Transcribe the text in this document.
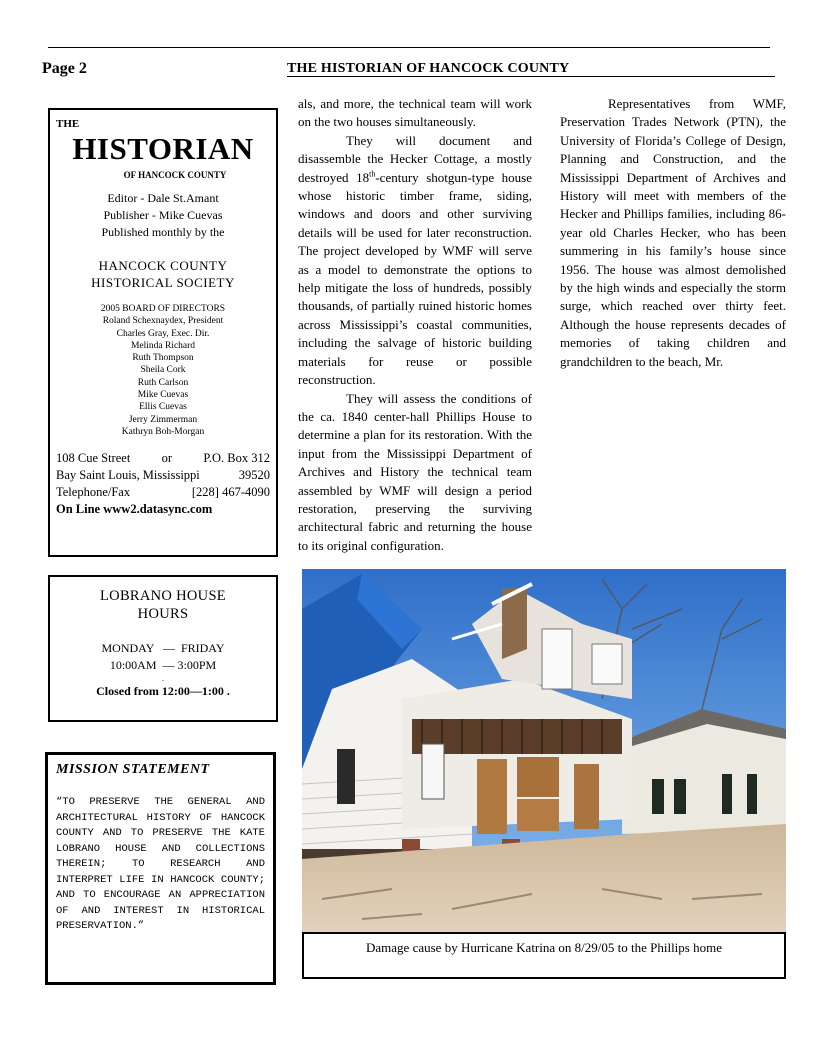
Page 2	THE HISTORIAN OF HANCOCK COUNTY
THE
HISTORIAN
OF HANCOCK COUNTY
Editor - Dale St.Amant
Publisher - Mike Cuevas
Published monthly by the
HANCOCK COUNTY
HISTORICAL SOCIETY
2005 BOARD OF DIRECTORS
Roland Schexnaydex, President
Charles Gray, Exec. Dir.
Melinda Richard
Ruth Thompson
Sheila Cork
Ruth Carlson
Mike Cuevas
Ellis Cuevas
Jerry Zimmerman
Kathryn Boh-Morgan
108 Cue Street	or	P.O. Box 312
Bay Saint Louis, Mississippi	39520
Telephone/Fax	[228] 467-4090
On Line www2.datasync.com
LOBRANO HOUSE
HOURS
MONDAY   —  FRIDAY
10:00AM  — 3:00PM
.
Closed from 12:00—1:00 .
MISSION STATEMENT
“TO PRESERVE THE GENERAL AND ARCHITECTURAL HISTORY OF HANCOCK COUNTY AND TO PRESERVE THE KATE LOBRANO HOUSE AND COLLECTIONS THEREIN; TO RESEARCH AND INTERPRET LIFE IN HANCOCK COUNTY; AND TO ENCOURAGE AN APPRECIATION OF AND INTEREST IN HISTORICAL PRESERVATION.”

als, and more, the technical team will work on the two houses simultaneously.

They will document and disassemble the Hecker Cottage, a mostly destroyed 18th-century shotgun-type house whose historic timber frame, siding, windows and doors and other surviving details will be used for later reconstruction. The project developed by WMF will serve as a model to demonstrate the options to help mitigate the loss of hundreds, possibly thousands, of partially ruined historic homes across Mississippi’s coastal communities, including the salvage of historic building materials for reuse or possible reconstruction.

They will assess the conditions of the ca. 1840 center-hall Phillips House to determine a plan for its restoration. With the input from the Mississippi Department of Archives and History the technical team assembled by WMF will design a period restoration, preserving the surviving architectural fabric and returning the house to its original configuration.

Representatives from WMF, Preservation Trades Network (PTN), the University of Florida’s College of Design, Planning and Construction, and the Mississippi Department of Archives and History will meet with members of the Hecker and Phillips families, including 86-year old Charles Hecker, who has been summering in his family’s house since 1956. The house was almost demolished by the high winds and especially the storm surge, which reached over thirty feet. Although the house represents decades of memories of taking children and grandchildren to the beach, Mr.

Damage cause by Hurricane Katrina on 8/29/05 to the Phillips home
